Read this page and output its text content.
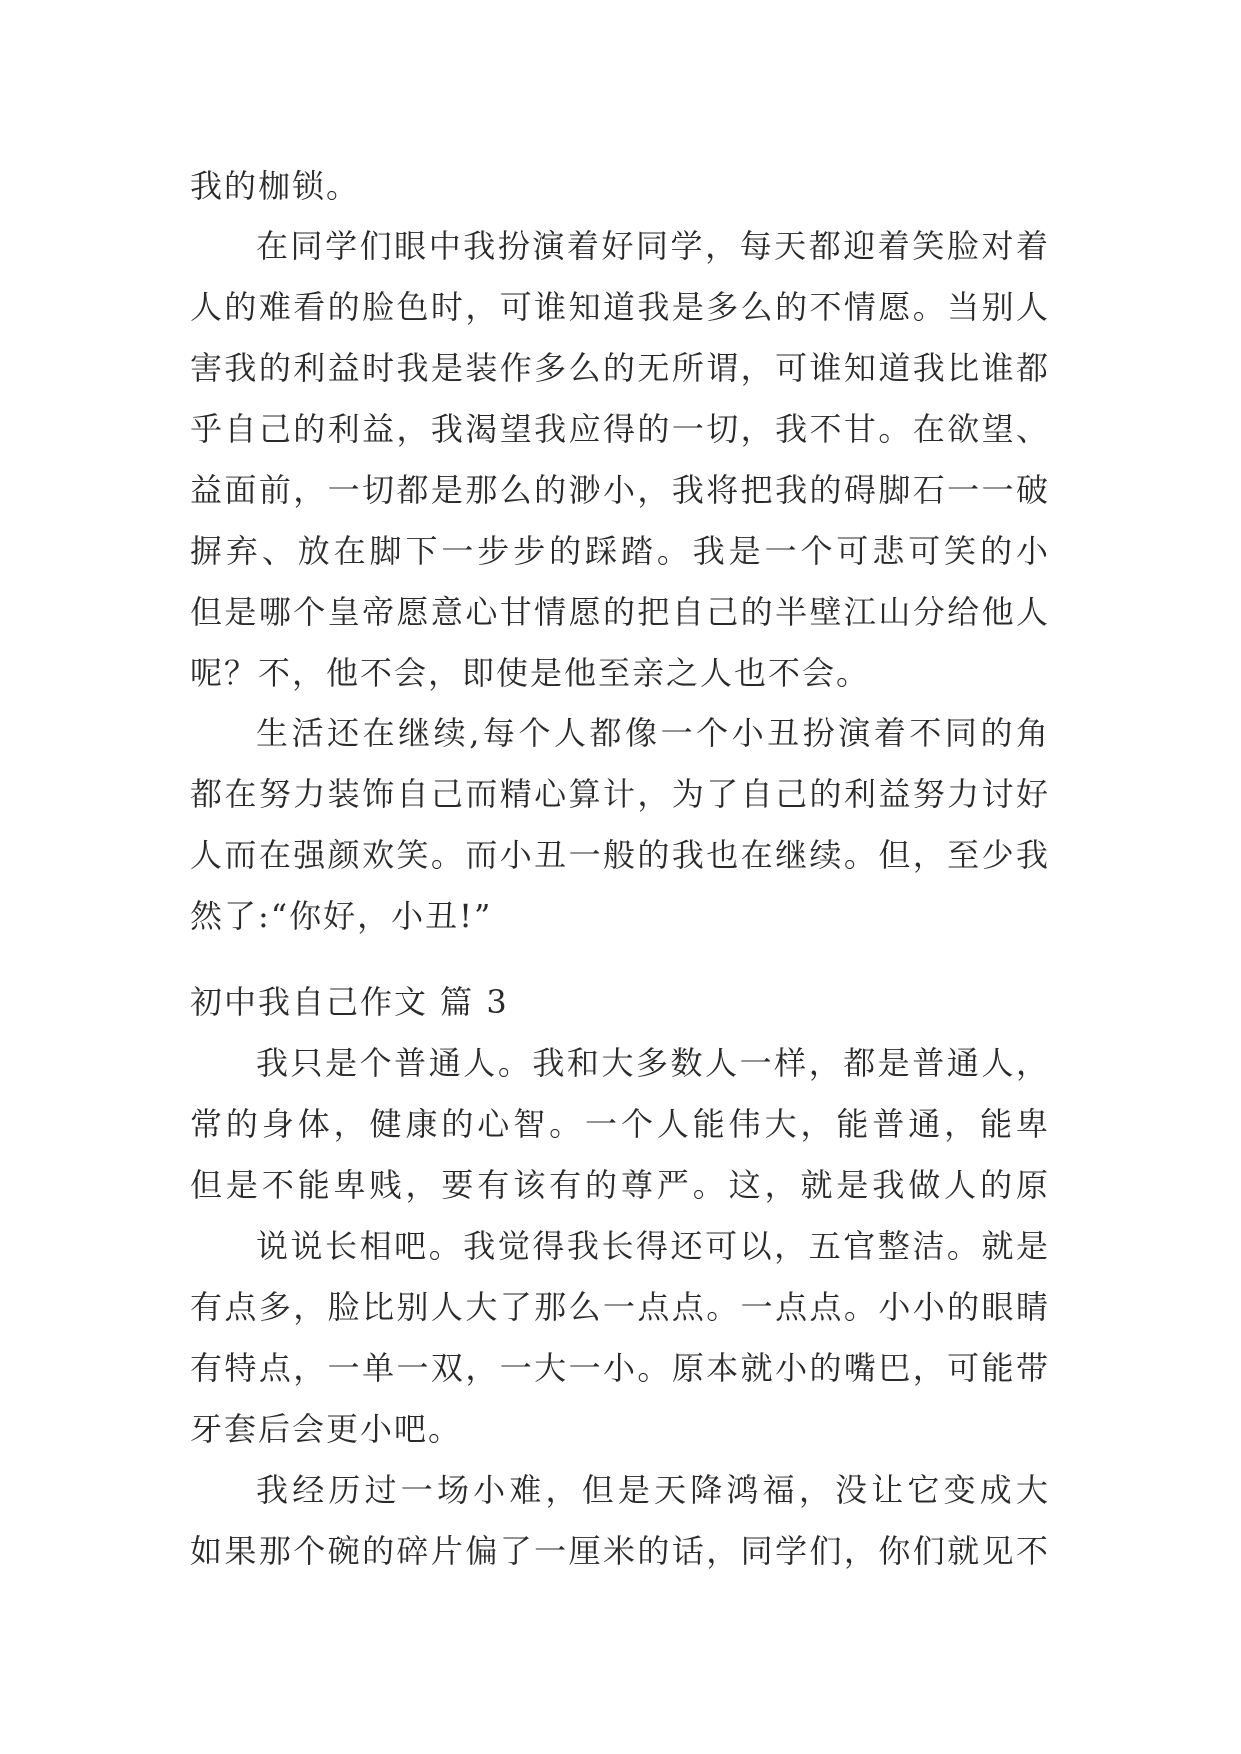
我的枷锁。
在同学们眼中我扮演着好同学，每天都迎着笑脸对着
人的难看的脸色时，可谁知道我是多么的不情愿。当别人
害我的利益时我是装作多么的无所谓，可谁知道我比谁都
乎自己的利益，我渴望我应得的一切，我不甘。在欲望、
益面前，一切都是那么的渺小，我将把我的碍脚石一一破
摒弃、放在脚下一步步的踩踏。我是一个可悲可笑的小
但是哪个皇帝愿意心甘情愿的把自己的半壁江山分给他人
呢？不，他不会，即使是他至亲之人也不会。
生活还在继续,每个人都像一个小丑扮演着不同的角
都在努力装饰自己而精心算计，为了自己的利益努力讨好
人而在强颜欢笑。而小丑一般的我也在继续。但，至少我
然了:“你好，小丑!”
初中我自己作文 篇 3
我只是个普通人。我和大多数人一样，都是普通人，
常的身体，健康的心智。一个人能伟大，能普通，能卑
但是不能卑贱，要有该有的尊严。这，就是我做人的原
说说长相吧。我觉得我长得还可以，五官整洁。就是
有点多，脸比别人大了那么一点点。一点点。小小的眼睛
有特点，一单一双，一大一小。原本就小的嘴巴，可能带
牙套后会更小吧。
我经历过一场小难，但是天降鸿福，没让它变成大
如果那个碗的碎片偏了一厘米的话，同学们，你们就见不
